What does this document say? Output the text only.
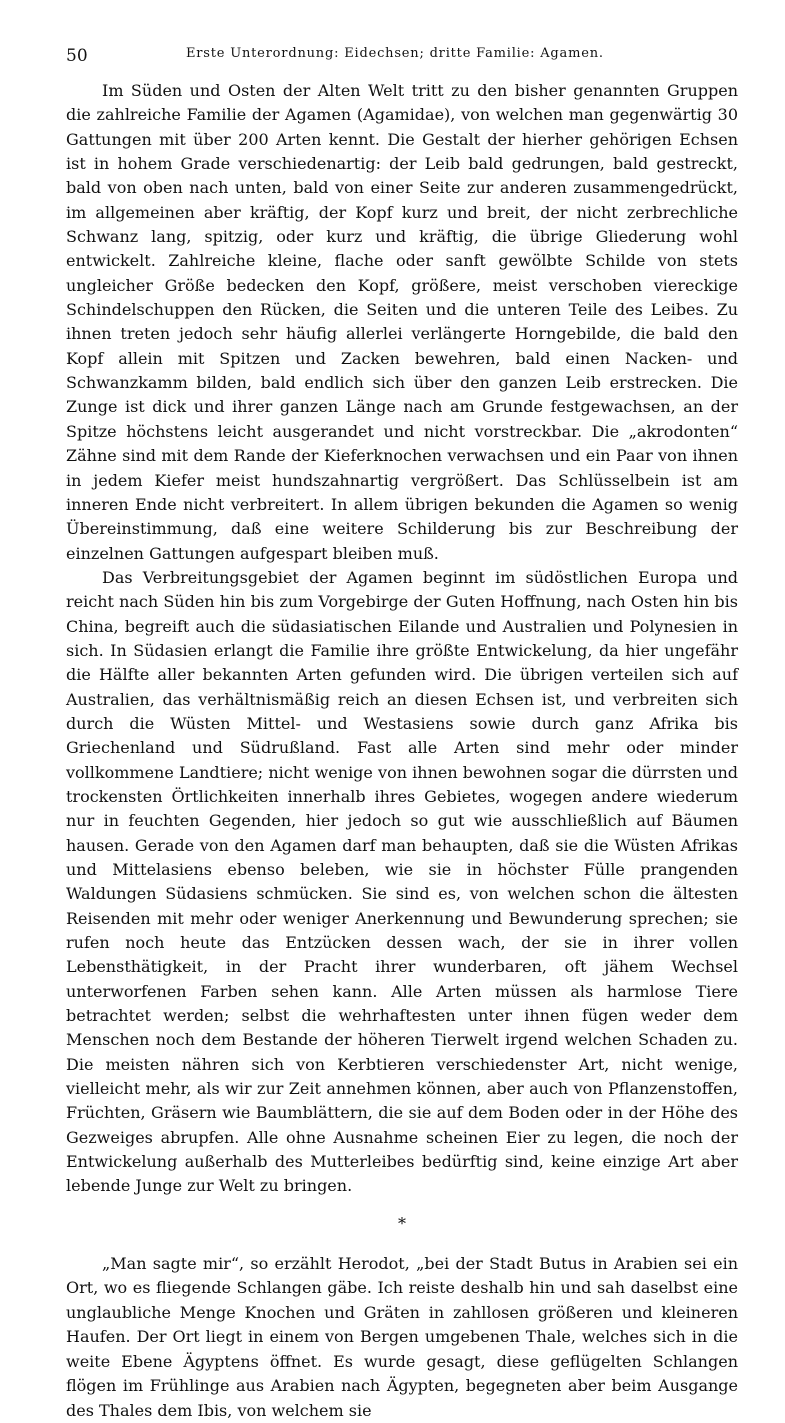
50	Erste Unterordnung: Eidechsen; dritte Familie: Agamen.

Im Süden und Osten der Alten Welt tritt zu den bisher genannten Gruppen die zahlreiche Familie der Agamen (Agamidae), von welchen man gegenwärtig 30 Gattungen mit über 200 Arten kennt. Die Gestalt der hierher gehörigen Echsen ist in hohem Grade verschiedenartig: der Leib bald gedrungen, bald gestreckt, bald von oben nach unten, bald von einer Seite zur anderen zusammengedrückt, im allgemeinen aber kräftig, der Kopf kurz und breit, der nicht zerbrechliche Schwanz lang, spitzig, oder kurz und kräftig, die übrige Gliederung wohl entwickelt. Zahlreiche kleine, flache oder sanft gewölbte Schilde von stets ungleicher Größe bedecken den Kopf, größere, meist verschoben viereckige Schindelschuppen den Rücken, die Seiten und die unteren Teile des Leibes. Zu ihnen treten jedoch sehr häufig allerlei verlängerte Horngebilde, die bald den Kopf allein mit Spitzen und Zacken bewehren, bald einen Nacken- und Schwanzkamm bilden, bald endlich sich über den ganzen Leib erstrecken. Die Zunge ist dick und ihrer ganzen Länge nach am Grunde festgewachsen, an der Spitze höchstens leicht ausgerandet und nicht vorstreckbar. Die „akrodonten“ Zähne sind mit dem Rande der Kieferknochen verwachsen und ein Paar von ihnen in jedem Kiefer meist hundszahnartig vergrößert. Das Schlüsselbein ist am inneren Ende nicht verbreitert. In allem übrigen bekunden die Agamen so wenig Übereinstimmung, daß eine weitere Schilderung bis zur Beschreibung der einzelnen Gattungen aufgespart bleiben muß.

Das Verbreitungsgebiet der Agamen beginnt im südöstlichen Europa und reicht nach Süden hin bis zum Vorgebirge der Guten Hoffnung, nach Osten hin bis China, begreift auch die südasiatischen Eilande und Australien und Polynesien in sich. In Südasien erlangt die Familie ihre größte Entwickelung, da hier ungefähr die Hälfte aller bekannten Arten gefunden wird. Die übrigen verteilen sich auf Australien, das verhältnismäßig reich an diesen Echsen ist, und verbreiten sich durch die Wüsten Mittel- und Westasiens sowie durch ganz Afrika bis Griechenland und Südrußland. Fast alle Arten sind mehr oder minder vollkommene Landtiere; nicht wenige von ihnen bewohnen sogar die dürrsten und trockensten Örtlichkeiten innerhalb ihres Gebietes, wogegen andere wiederum nur in feuchten Gegenden, hier jedoch so gut wie ausschließlich auf Bäumen hausen. Gerade von den Agamen darf man behaupten, daß sie die Wüsten Afrikas und Mittelasiens ebenso beleben, wie sie in höchster Fülle prangenden Waldungen Südasiens schmücken. Sie sind es, von welchen schon die ältesten Reisenden mit mehr oder weniger Anerkennung und Bewunderung sprechen; sie rufen noch heute das Entzücken dessen wach, der sie in ihrer vollen Lebensthätigkeit, in der Pracht ihrer wunderbaren, oft jähem Wechsel unterworfenen Farben sehen kann. Alle Arten müssen als harmlose Tiere betrachtet werden; selbst die wehrhaftesten unter ihnen fügen weder dem Menschen noch dem Bestande der höheren Tierwelt irgend welchen Schaden zu. Die meisten nähren sich von Kerbtieren verschiedenster Art, nicht wenige, vielleicht mehr, als wir zur Zeit annehmen können, aber auch von Pflanzenstoffen, Früchten, Gräsern wie Baumblättern, die sie auf dem Boden oder in der Höhe des Gezweiges abrupfen. Alle ohne Ausnahme scheinen Eier zu legen, die noch der Entwickelung außerhalb des Mutterleibes bedürftig sind, keine einzige Art aber lebende Junge zur Welt zu bringen.

*

„Man sagte mir“, so erzählt Herodot, „bei der Stadt Butus in Arabien sei ein Ort, wo es fliegende Schlangen gäbe. Ich reiste deshalb hin und sah daselbst eine unglaubliche Menge Knochen und Gräten in zahllosen größeren und kleineren Haufen. Der Ort liegt in einem von Bergen umgebenen Thale, welches sich in die weite Ebene Ägyptens öffnet. Es wurde gesagt, diese geflügelten Schlangen flögen im Frühlinge aus Arabien nach Ägypten, begegneten aber beim Ausgange des Thales dem Ibis, von welchem sie
